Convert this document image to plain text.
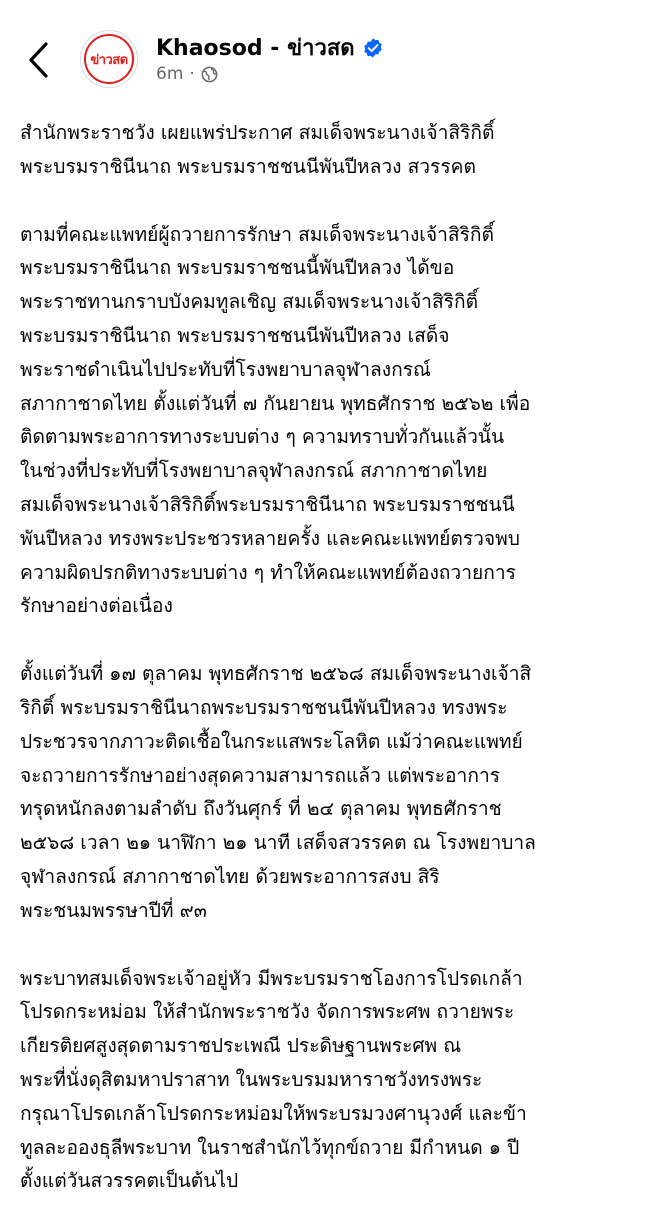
ข่าวสด Khaosod - ข่าวสด
6m ·
สำนักพระราชวัง เผยแพร่ประกาศ สมเด็จพระนางเจ้าสิริกิติ์
พระบรมราชินีนาถ พระบรมราชชนนีพันปีหลวง สวรรคต
ตามที่คณะแพทย์ผู้ถวายการรักษา สมเด็จพระนางเจ้าสิริกิติ์
พระบรมราชินีนาถ พระบรมราชชนนี้พันปีหลวง ได้ขอ
พระราชทานกราบบังคมทูลเชิญ สมเด็จพระนางเจ้าสิริกิติ์
พระบรมราชินีนาถ พระบรมราชชนนีพันปีหลวง เสด็จ
พระราชดำเนินไปประทับที่โรงพยาบาลจุฬาลงกรณ์
สภากาชาดไทย ตั้งแต่วันที่ ๗ กันยายน พุทธศักราช ๒๕๖๒ เพื่อ
ติดตามพระอาการทางระบบต่าง ๆ ความทราบทั่วกันแล้วนั้น
ในช่วงที่ประทับที่โรงพยาบาลจุฬาลงกรณ์ สภากาชาดไทย
สมเด็จพระนางเจ้าสิริกิติ์พระบรมราชินีนาถ พระบรมราชชนนี
พันปีหลวง ทรงพระประชวรหลายครั้ง และคณะแพทย์ตรวจพบ
ความผิดปรกติทางระบบต่าง ๆ ทำให้คณะแพทย์ต้องถวายการ
รักษาอย่างต่อเนื่อง
ตั้งแต่วันที่ ๑๗ ตุลาคม พุทธศักราช ๒๕๖๘ สมเด็จพระนางเจ้าสิ
ริกิติ์ พระบรมราชินีนาถพระบรมราชชนนีพันปีหลวง ทรงพระ
ประชวรจากภาวะติดเชื้อในกระแสพระโลหิต แม้ว่าคณะแพทย์
จะถวายการรักษาอย่างสุดความสามารถแล้ว แต่พระอาการ
ทรุดหนักลงตามลำดับ ถึงวันศุกร์ ที่ ๒๔ ตุลาคม พุทธศักราช
๒๕๖๘ เวลา ๒๑ นาฬิกา ๒๑ นาที เสด็จสวรรคต ณ โรงพยาบาล
จุฬาลงกรณ์ สภากาชาดไทย ด้วยพระอาการสงบ สิริ
พระชนมพรรษาปีที่ ๙๓
พระบาทสมเด็จพระเจ้าอยู่หัว มีพระบรมราชโองการโปรดเกล้า
โปรดกระหม่อม ให้สำนักพระราชวัง จัดการพระศพ ถวายพระ
เกียรติยศสูงสุดตามราชประเพณี ประดิษฐานพระศพ ณ
พระที่นั่งดุสิตมหาปราสาท ในพระบรมมหาราชวังทรงพระ
กรุณาโปรดเกล้าโปรดกระหม่อมให้พระบรมวงศานุวงศ์ และข้า
ทูลละอองธุลีพระบาท ในราชสำนักไว้ทุกข์ถวาย มีกำหนด ๑ ปี
ตั้งแต่วันสวรรคตเป็นต้นไป
